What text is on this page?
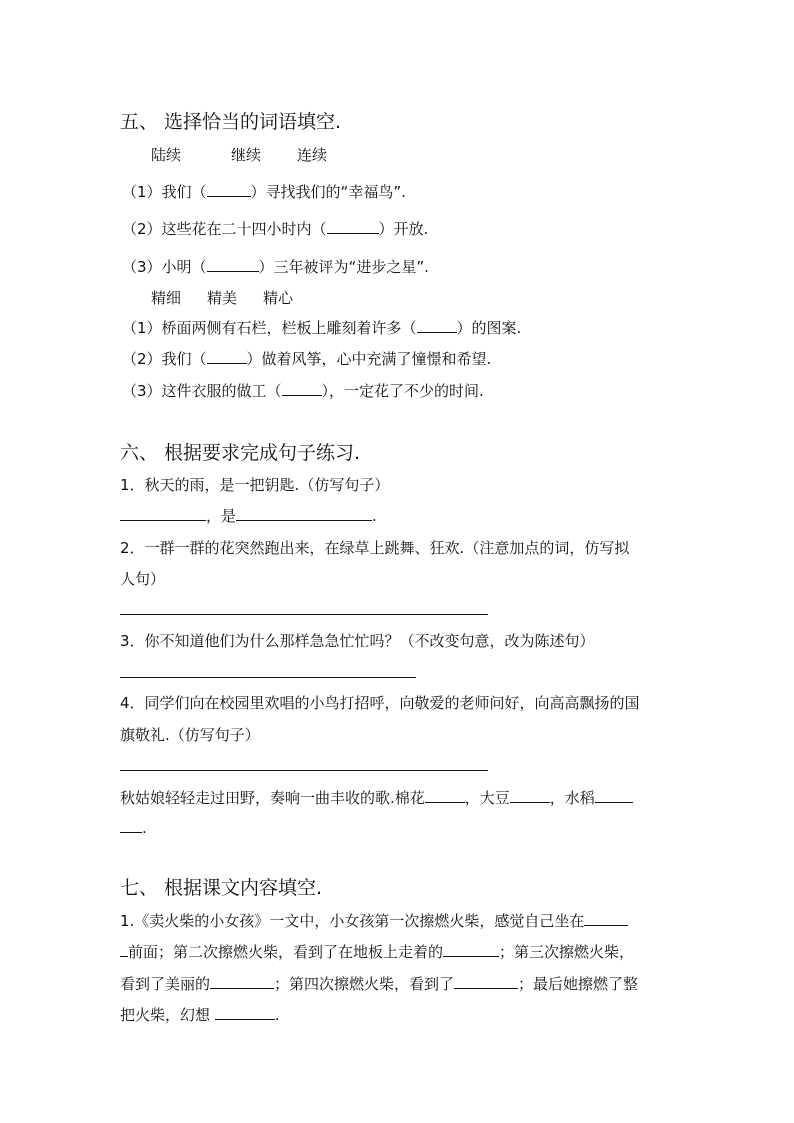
五、 选择恰当的词语填空.
陆续	继续 连续
（1）我们（	）寻找我们的“幸福鸟”.
（2）这些花在二十四小时内（	）开放.
（3）小明（	）三年被评为“进步之星”.
精细 精美 精心
（1）桥面两侧有石栏，栏板上雕刻着许多（	）的图案.
（2）我们（	）做着风筝，心中充满了憧憬和希望.
（3）这件衣服的做工（	），一定花了不少的时间.
六、 根据要求完成句子练习.
1．秋天的雨，是一把钥匙.（仿写句子）
，是	.
2．一群一群的花突然跑出来，在绿草上跳舞、狂欢.（注意加点的词，仿写拟
人句）
3．你不知道他们为什么那样急急忙忙吗？（不改变句意，改为陈述句）
4．同学们向在校园里欢唱的小鸟打招呼，向敬爱的老师问好，向高高飘扬的国
旗敬礼.（仿写句子）
秋姑娘轻轻走过田野，奏响一曲丰收的歌.棉花	，大豆	，水稻
.
七、 根据课文内容填空.
1.《卖火柴的小女孩》一文中，小女孩第一次擦燃火柴，感觉自己坐在
前面；第二次擦燃火柴，看到了在地板上走着的	；第三次擦燃火柴，
看到了美丽的	；第四次擦燃火柴，看到了	；最后她擦燃了整
把火柴，幻想	.
